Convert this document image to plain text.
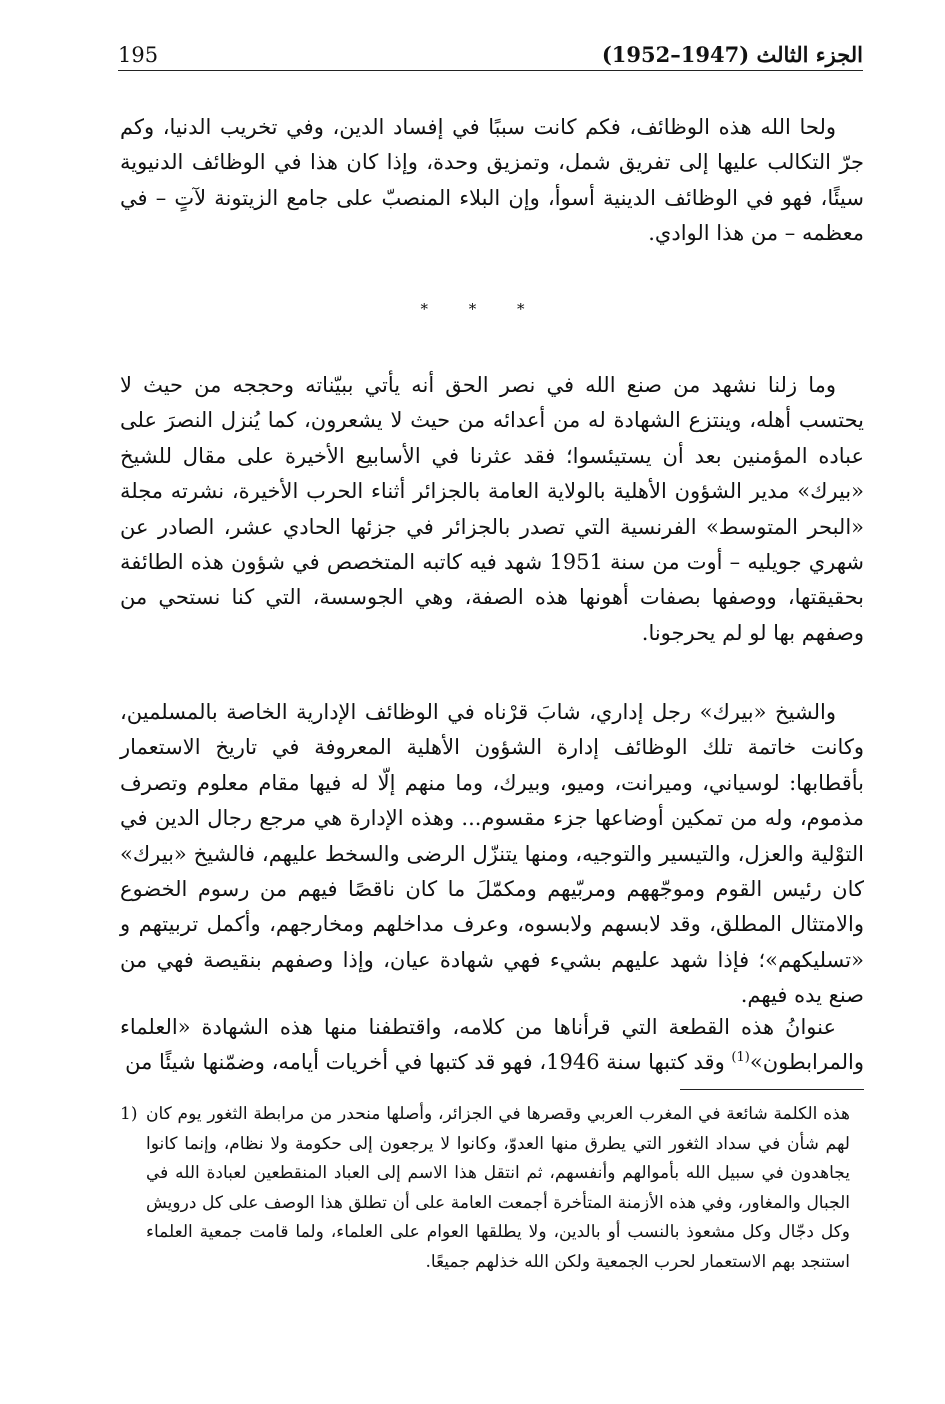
195	الجزء الثالث (1947–1952)

ولحا الله هذه الوظائف، فكم كانت سببًا في إفساد الدين، وفي تخريب الدنيا، وكم جرّ التكالب عليها إلى تفريق شمل، وتمزيق وحدة، وإذا كان هذا في الوظائف الدنيوية سيئًا، فهو في الوظائف الدينية أسوأ، وإن البلاء المنصبّ على جامع الزيتونة لآتٍ – في معظمه – من هذا الوادي.

* * *

وما زلنا نشهد من صنع الله في نصر الحق أنه يأتي ببيّناته وحججه من حيث لا يحتسب أهله، وينتزع الشهادة له من أعدائه من حيث لا يشعرون، كما يُنزل النصرَ على عباده المؤمنين بعد أن يستيئسوا؛ فقد عثرنا في الأسابيع الأخيرة على مقال للشيخ «بيرك» مدير الشؤون الأهلية بالولاية العامة بالجزائر أثناء الحرب الأخيرة، نشرته مجلة «البحر المتوسط» الفرنسية التي تصدر بالجزائر في جزئها الحادي عشر، الصادر عن شهري جويليه – أوت من سنة 1951 شهد فيه كاتبه المتخصص في شؤون هذه الطائفة بحقيقتها، ووصفها بصفات أهونها هذه الصفة، وهي الجوسسة، التي كنا نستحي من وصفهم بها لو لم يحرجونا.

والشيخ «بيرك» رجل إداري، شابَ قرْناه في الوظائف الإدارية الخاصة بالمسلمين، وكانت خاتمة تلك الوظائف إدارة الشؤون الأهلية المعروفة في تاريخ الاستعمار بأقطابها: لوسياني، وميرانت، وميو، وبيرك، وما منهم إلّا له فيها مقام معلوم وتصرف مذموم، وله من تمكين أوضاعها جزء مقسوم... وهذه الإدارة هي مرجع رجال الدين في التوْلية والعزل، والتيسير والتوجيه، ومنها يتنزّل الرضى والسخط عليهم، فالشيخ «بيرك» كان رئيس القوم وموجّههم ومربّيهم ومكمّلَ ما كان ناقصًا فيهم من رسوم الخضوع والامتثال المطلق، وقد لابسهم ولابسوه، وعرف مداخلهم ومخارجهم، وأكمل تربيتهم و «تسليكهم»؛ فإذا شهد عليهم بشيء فهي شهادة عيان، وإذا وصفهم بنقيصة فهي من صنع يده فيهم.

عنوانُ هذه القطعة التي قرأناها من كلامه، واقتطفنا منها هذه الشهادة «العلماء والمرابطون»$^{(1)}$ وقد كتبها سنة 1946، فهو قد كتبها في أخريات أيامه، وضمّنها شيئًا من

هذه الكلمة شائعة في المغرب العربي وقصرها في الجزائر، وأصلها منحدر من مرابطة الثغور يوم كان لهم شأن في سداد الثغور التي يطرق منها العدوّ، وكانوا لا يرجعون إلى حكومة ولا نظام، وإنما كانوا يجاهدون في سبيل الله بأموالهم وأنفسهم، ثم انتقل هذا الاسم إلى العباد المنقطعين لعبادة الله في الجبال والمغاور، وفي هذه الأزمنة المتأخرة أجمعت العامة على أن تطلق هذا الوصف على كل درويش وكل دجّال وكل مشعوذ بالنسب أو بالدين، ولا يطلقها العوام على العلماء، ولما قامت جمعية العلماء استنجد بهم الاستعمار لحرب الجمعية ولكن الله خذلهم جميعًا.
1)
